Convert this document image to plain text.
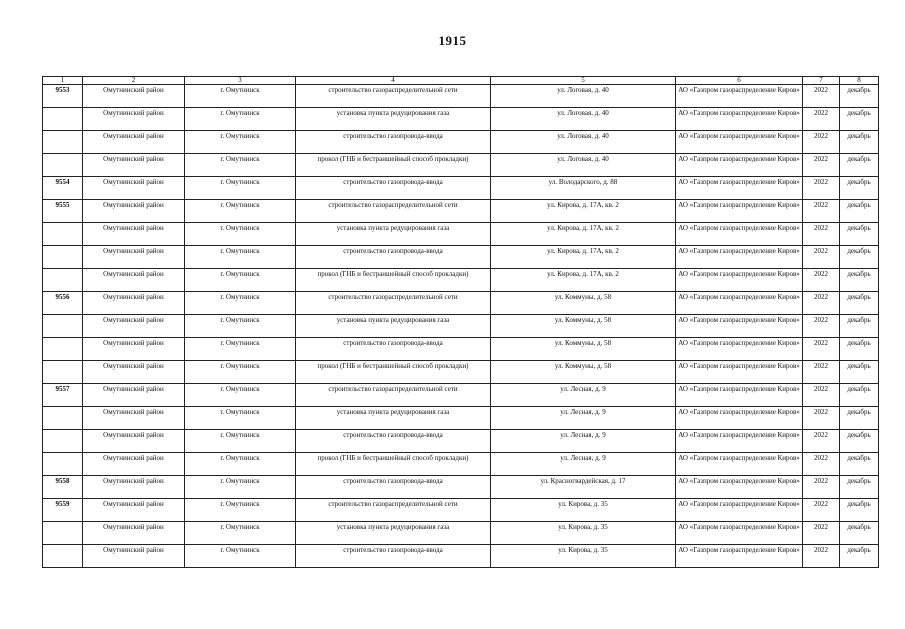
1915
1	2	3	4	5	6	7	8
9553	Омутнинский район	г. Омутнинск	строительство газораспределительной сети	ул. Логовая, д. 40	АО «Газпром газораспределение Киров»	2022	декабрь
	Омутнинский район	г. Омутнинск	установка пункта редуцирования газа	ул. Логовая, д. 40	АО «Газпром газораспределение Киров»	2022	декабрь
	Омутнинский район	г. Омутнинск	строительство газопровода-ввода	ул. Логовая, д. 40	АО «Газпром газораспределение Киров»	2022	декабрь
	Омутнинский район	г. Омутнинск	прокол (ГНБ и бестраншейный способ прокладки)	ул. Логовая, д. 40	АО «Газпром газораспределение Киров»	2022	декабрь
9554	Омутнинский район	г. Омутнинск	строительство газопровода-ввода	ул. Володарского, д. 88	АО «Газпром газораспределение Киров»	2022	декабрь
9555	Омутнинский район	г. Омутнинск	строительство газораспределительной сети	ул. Кирова, д. 17А, кв. 2	АО «Газпром газораспределение Киров»	2022	декабрь
	Омутнинский район	г. Омутнинск	установка пункта редуцирования газа	ул. Кирова, д. 17А, кв. 2	АО «Газпром газораспределение Киров»	2022	декабрь
	Омутнинский район	г. Омутнинск	строительство газопровода-ввода	ул. Кирова, д. 17А, кв. 2	АО «Газпром газораспределение Киров»	2022	декабрь
	Омутнинский район	г. Омутнинск	прокол (ГНБ и бестраншейный способ прокладки)	ул. Кирова, д. 17А, кв. 2	АО «Газпром газораспределение Киров»	2022	декабрь
9556	Омутнинский район	г. Омутнинск	строительство газораспределительной сети	ул. Коммуны, д. 58	АО «Газпром газораспределение Киров»	2022	декабрь
	Омутнинский район	г. Омутнинск	установка пункта редуцирования газа	ул. Коммуны, д. 58	АО «Газпром газораспределение Киров»	2022	декабрь
	Омутнинский район	г. Омутнинск	строительство газопровода-ввода	ул. Коммуны, д. 58	АО «Газпром газораспределение Киров»	2022	декабрь
	Омутнинский район	г. Омутнинск	прокол (ГНБ и бестраншейный способ прокладки)	ул. Коммуны, д. 58	АО «Газпром газораспределение Киров»	2022	декабрь
9557	Омутнинский район	г. Омутнинск	строительство газораспределительной сети	ул. Лесная, д. 9	АО «Газпром газораспределение Киров»	2022	декабрь
	Омутнинский район	г. Омутнинск	установка пункта редуцирования газа	ул. Лесная, д. 9	АО «Газпром газораспределение Киров»	2022	декабрь
	Омутнинский район	г. Омутнинск	строительство газопровода-ввода	ул. Лесная, д. 9	АО «Газпром газораспределение Киров»	2022	декабрь
	Омутнинский район	г. Омутнинск	прокол (ГНБ и бестраншейный способ прокладки)	ул. Лесная, д. 9	АО «Газпром газораспределение Киров»	2022	декабрь
9558	Омутнинский район	г. Омутнинск	строительство газопровода-ввода	ул. Красногвардейская, д. 17	АО «Газпром газораспределение Киров»	2022	декабрь
9559	Омутнинский район	г. Омутнинск	строительство газораспределительной сети	ул. Кирова, д. 35	АО «Газпром газораспределение Киров»	2022	декабрь
	Омутнинский район	г. Омутнинск	установка пункта редуцирования газа	ул. Кирова, д. 35	АО «Газпром газораспределение Киров»	2022	декабрь
	Омутнинский район	г. Омутнинск	строительство газопровода-ввода	ул. Кирова, д. 35	АО «Газпром газораспределение Киров»	2022	декабрь
